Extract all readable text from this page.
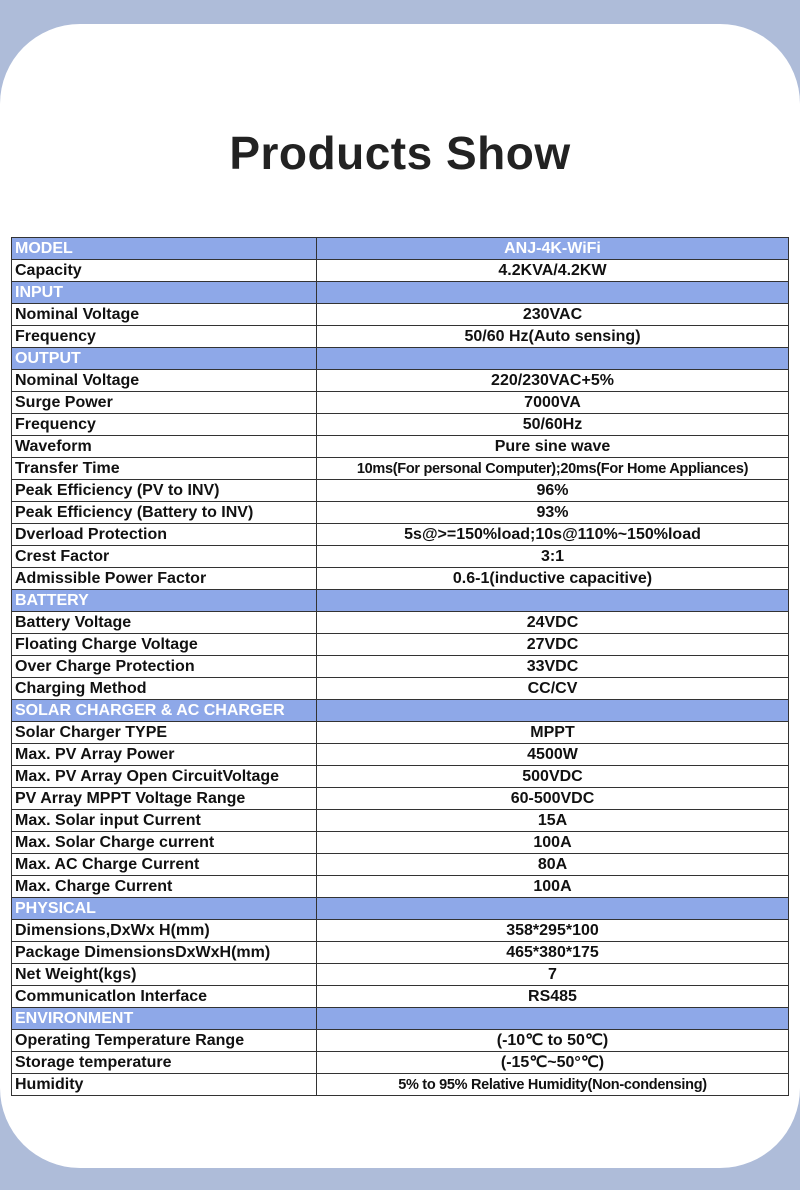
Products Show
MODEL	ANJ-4K-WiFi
Capacity	4.2KVA/4.2KW
INPUT	
Nominal Voltage	230VAC
Frequency	50/60 Hz(Auto sensing)
OUTPUT	
Nominal Voltage	220/230VAC+5%
Surge Power	7000VA
Frequency	50/60Hz
Waveform	Pure sine wave
Transfer Time	10ms(For personal Computer);20ms(For Home Appliances)
Peak Efficiency (PV to INV)	96%
Peak Efficiency (Battery to INV)	93%
Dverload Protection	5s@>=150%load;10s@110%~150%load
Crest Factor	3:1
Admissible Power Factor	0.6-1(inductive capacitive)
BATTERY	
Battery Voltage	24VDC
Floating Charge Voltage	27VDC
Over Charge Protection	33VDC
Charging Method	CC/CV
SOLAR CHARGER & AC CHARGER	
Solar Charger TYPE	MPPT
Max. PV Array Power	4500W
Max. PV Array Open CircuitVoltage	500VDC
PV Array MPPT Voltage Range	60-500VDC
Max. Solar input Current	15A
Max. Solar Charge current	100A
Max. AC Charge Current	80A
Max. Charge Current	100A
PHYSICAL	
Dimensions,DxWx H(mm)	358*295*100
Package DimensionsDxWxH(mm)	465*380*175
Net Weight(kgs)	7
Communicatlon Interface	RS485
ENVIRONMENT	
Operating Temperature Range	(-10℃ to 50℃)
Storage temperature	(-15℃~50°℃)
Humidity	5% to 95% Relative Humidity(Non-condensing)
